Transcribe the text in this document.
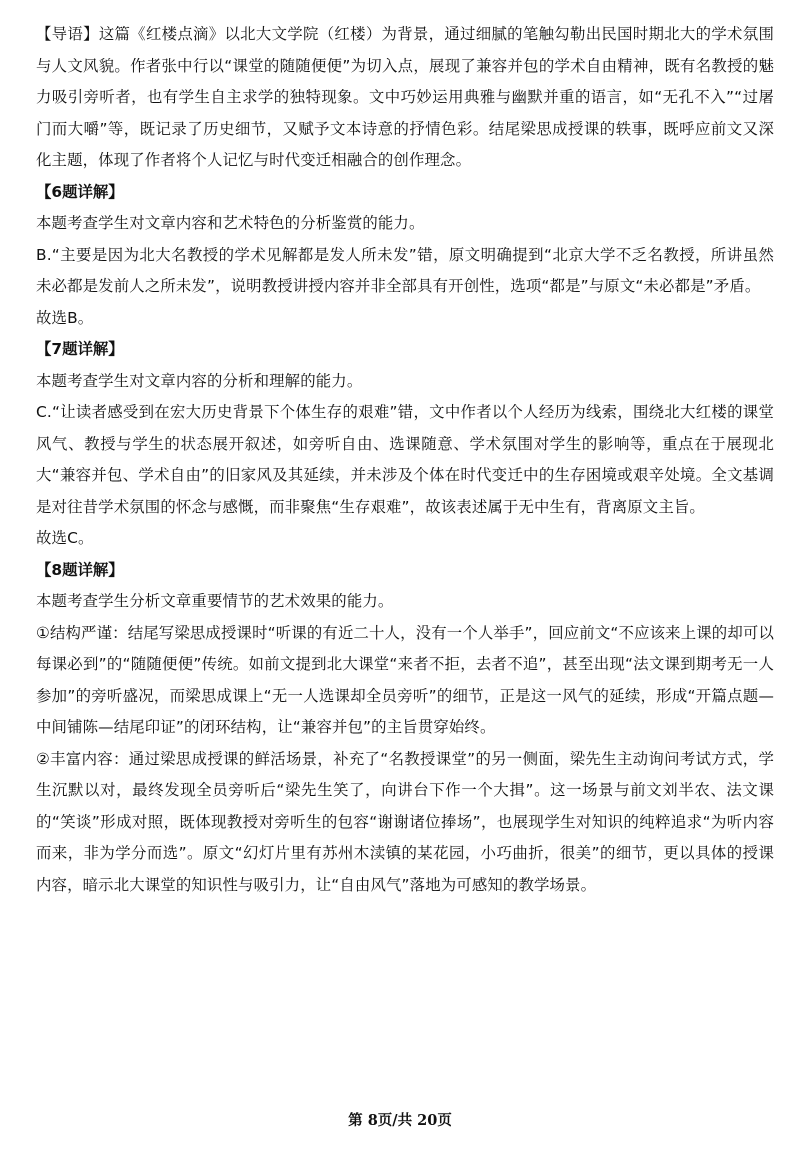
【导语】这篇《红楼点滴》以北大文学院（红楼）为背景，通过细腻的笔触勾勒出民国时期北大的学术氛围与人文风貌。作者张中行以“课堂的随随便便”为切入点，展现了兼容并包的学术自由精神，既有名教授的魅力吸引旁听者，也有学生自主求学的独特现象。文中巧妙运用典雅与幽默并重的语言，如“无孔不入”“过屠门而大嚼”等，既记录了历史细节，又赋予文本诗意的抒情色彩。结尾梁思成授课的轶事，既呼应前文又深化主题，体现了作者将个人记忆与时代变迁相融合的创作理念。

【6题详解】

本题考查学生对文章内容和艺术特色的分析鉴赏的能力。

B.“主要是因为北大名教授的学术见解都是发人所未发”错，原文明确提到“北京大学不乏名教授，所讲虽然未必都是发前人之所未发”，说明教授讲授内容并非全部具有开创性，选项“都是”与原文“未必都是”矛盾。

故选B。

【7题详解】

本题考查学生对文章内容的分析和理解的能力。

C.“让读者感受到在宏大历史背景下个体生存的艰难”错，文中作者以个人经历为线索，围绕北大红楼的课堂风气、教授与学生的状态展开叙述，如旁听自由、选课随意、学术氛围对学生的影响等，重点在于展现北大“兼容并包、学术自由”的旧家风及其延续，并未涉及个体在时代变迁中的生存困境或艰辛处境。全文基调是对往昔学术氛围的怀念与感慨，而非聚焦“生存艰难”，故该表述属于无中生有，背离原文主旨。

故选C。

【8题详解】

本题考查学生分析文章重要情节的艺术效果的能力。

①结构严谨：结尾写梁思成授课时“听课的有近二十人，没有一个人举手”，回应前文“不应该来上课的却可以每课必到”的“随随便便”传统。如前文提到北大课堂“来者不拒，去者不追”，甚至出现“法文课到期考无一人参加”的旁听盛况，而梁思成课上“无一人选课却全员旁听”的细节，正是这一风气的延续，形成“开篇点题—中间铺陈—结尾印证”的闭环结构，让“兼容并包”的主旨贯穿始终。

②丰富内容：通过梁思成授课的鲜活场景，补充了“名教授课堂”的另一侧面，梁先生主动询问考试方式，学生沉默以对，最终发现全员旁听后“梁先生笑了，向讲台下作一个大揖”。这一场景与前文刘半农、法文课的“笑谈”形成对照，既体现教授对旁听生的包容“谢谢诸位捧场”，也展现学生对知识的纯粹追求“为听内容而来，非为学分而选”。原文“幻灯片里有苏州木渎镇的某花园，小巧曲折，很美”的细节，更以具体的授课内容，暗示北大课堂的知识性与吸引力，让“自由风气”落地为可感知的教学场景。

第 8页/共 20页
